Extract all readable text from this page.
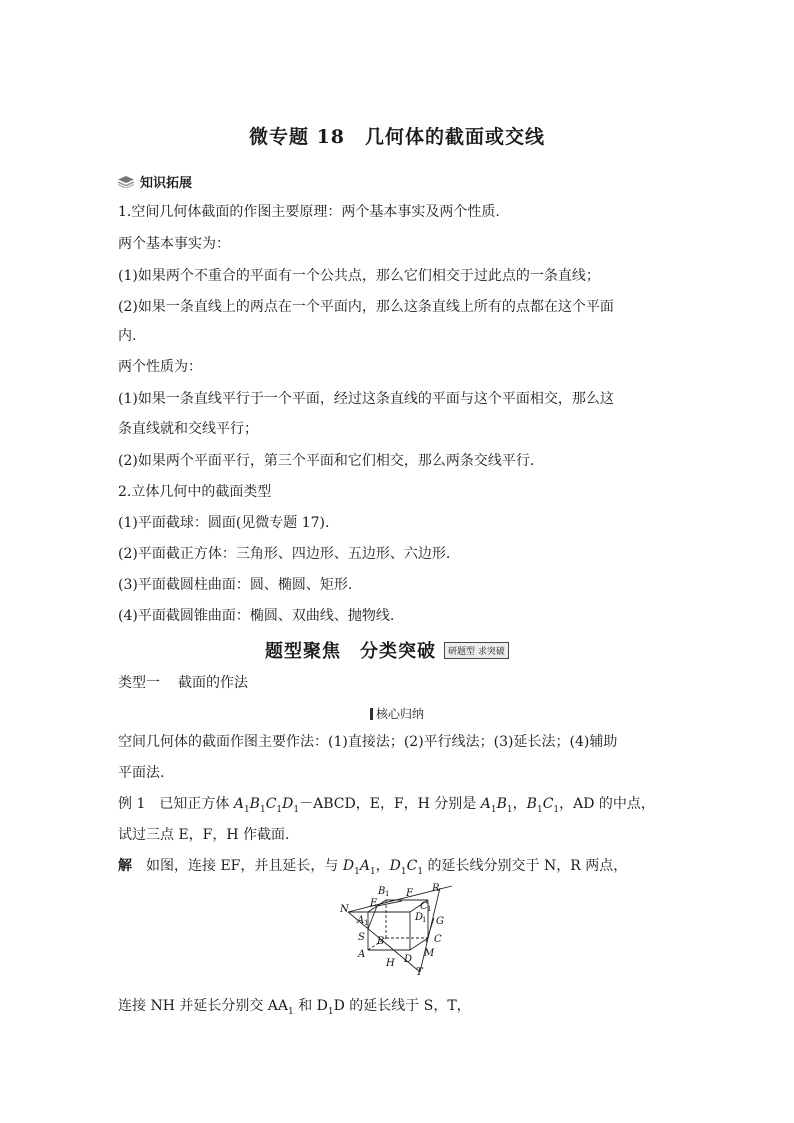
微专题 18　几何体的截面或交线
知识拓展
1.空间几何体截面的作图主要原理：两个基本事实及两个性质.
两个基本事实为：
(1)如果两个不重合的平面有一个公共点，那么它们相交于过此点的一条直线；
(2)如果一条直线上的两点在一个平面内，那么这条直线上所有的点都在这个平面
内.
两个性质为：
(1)如果一条直线平行于一个平面，经过这条直线的平面与这个平面相交，那么这
条直线就和交线平行；
(2)如果两个平面平行，第三个平面和它们相交，那么两条交线平行.
2.立体几何中的截面类型
(1)平面截球：圆面(见微专题 17).
(2)平面截正方体：三角形、四边形、五边形、六边形.
(3)平面截圆柱曲面：圆、椭圆、矩形.
(4)平面截圆锥曲面：椭圆、双曲线、抛物线.
题型聚焦　分类突破	研题型 求突破
类型一 截面的作法
核心归纳
空间几何体的截面作图主要作法：(1)直接法；(2)平行线法；(3)延长法；(4)辅助
平面法.
例 1　已知正方体 $A_1B_1C_1D_1-ABCD$，E，F，H 分别是 $A_1B_1$，$B_1C_1$，AD 的中点，
试过三点 E，F，H 作截面.
解 如图，连接 EF，并且延长，与 $D_1A_1$，$D_1C_1$ 的延长线分别交于 N，R 两点，
B 1 F R
N
E	C 1
A 1	D
1 G
S B	C
A
H D
M
T
连接 NH 并延长分别交 $AA_1$ 和 $D_1D$ 的延长线于 S，T，
